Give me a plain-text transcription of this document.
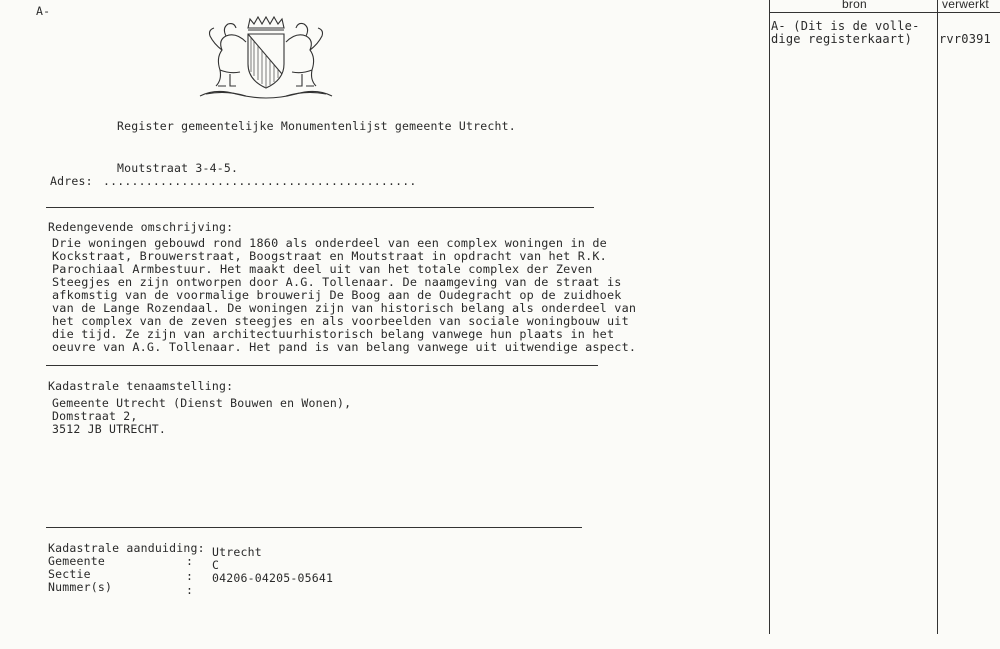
A-
Register gemeentelijke Monumentenlijst gemeente Utrecht.
Moutstraat 3-4-5.
Adres: ............................................
Redengevende omschrijving:
Drie woningen gebouwd rond 1860 als onderdeel van een complex woningen in de
Kockstraat, Brouwerstraat, Boogstraat en Moutstraat in opdracht van het R.K.
Parochiaal Armbestuur. Het maakt deel uit van het totale complex der Zeven
Steegjes en zijn ontworpen door A.G. Tollenaar. De naamgeving van de straat is
afkomstig van de voormalige brouwerij De Boog aan de Oudegracht op de zuidhoek
van de Lange Rozendaal. De woningen zijn van historisch belang als onderdeel van
het complex van de zeven steegjes en als voorbeelden van sociale woningbouw uit
die tijd. Ze zijn van architectuurhistorisch belang vanwege hun plaats in het
oeuvre van A.G. Tollenaar. Het pand is van belang vanwege uit uitwendige aspect.
Kadastrale tenaamstelling:
Gemeente Utrecht (Dienst Bouwen en Wonen),
Domstraat 2,
3512 JB UTRECHT.
Kadastrale aanduiding:
Gemeente
Sectie
Nummer(s)
:
:
:
Utrecht
C
04206-04205-05641
bron	verwerkt
A- (Dit is de volle-
dige registerkaart) rvr0391
